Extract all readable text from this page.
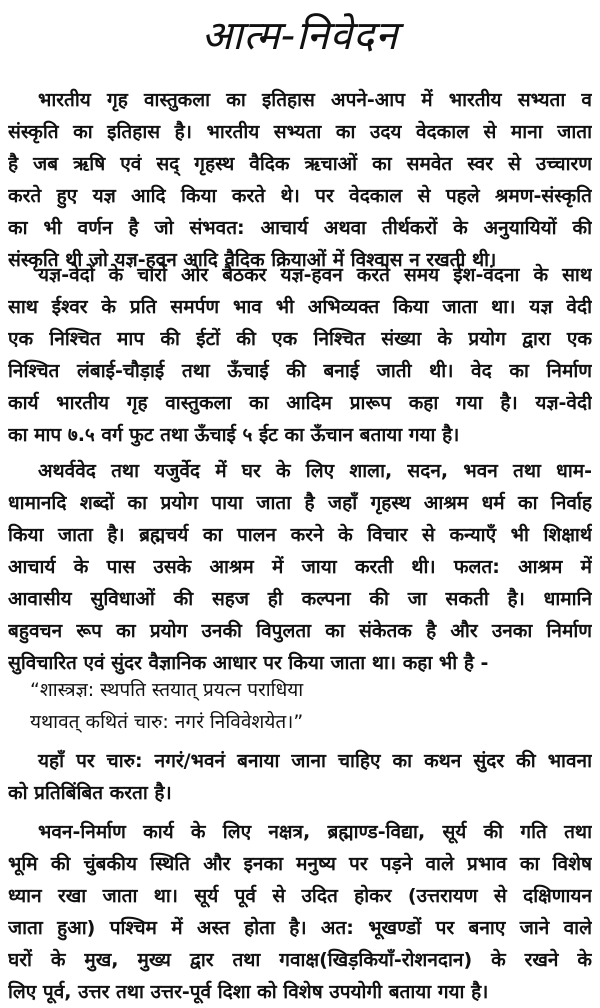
आत्म-निवेदन
भारतीय गृह वास्तुकला का इतिहास अपने-आप में भारतीय सभ्यता व
संस्कृति का इतिहास है। भारतीय सभ्यता का उदय वेदकाल से माना जाता
है जब ऋषि एवं सद् गृहस्थ वैदिक ऋचाओं का समवेत स्वर से उच्चारण
करते हुए यज्ञ आदि किया करते थे। पर वेदकाल से पहले श्रमण-संस्कृति
का भी वर्णन है जो संभवत: आचार्य अथवा तीर्थकरों के अनुयायियों की
संस्कृति थी जो यज्ञ-हवन आदि वैदिक क्रियाओं में विश्वास न रखती थी।
यज्ञ-वेदों के चारों ओर बैठकर यज्ञ-हवन करते समय ईश-वंदना के साथ
साथ ईश्वर के प्रति समर्पण भाव भी अभिव्यक्त किया जाता था। यज्ञ वेदी
एक निश्चित माप की ईटों की एक निश्चित संख्या के प्रयोग द्वारा एक
निश्चित लंबाई-चौड़ाई तथा ऊँचाई की बनाई जाती थी। वेद का निर्माण
कार्य भारतीय गृह वास्तुकला का आदिम प्रारूप कहा गया है। यज्ञ-वेदी
का माप ७.५ वर्ग फुट तथा ऊँचाई ५ ईट का ऊँचान बताया गया है।
अथर्ववेद तथा यजुर्वेद में घर के लिए शाला, सदन, भवन तथा धाम-
धामानदि शब्दों का प्रयोग पाया जाता है जहाँ गृहस्थ आश्रम धर्म का निर्वाह
किया जाता है। ब्रह्मचर्य का पालन करने के विचार से कन्याएँ भी शिक्षार्थ
आचार्य के पास उसके आश्रम में जाया करती थी। फलत: आश्रम में
आवासीय सुविधाओं की सहज ही कल्पना की जा सकती है। धामानि
बहुवचन रूप का प्रयोग उनकी विपुलता का संकेतक है और उनका निर्माण
सुविचारित एवं सुंदर वैज्ञानिक आधार पर किया जाता था। कहा भी है -
“शास्त्रज्ञ: स्थपति स्तयात् प्रयत्न पराधिया
यथावत् कथितं चारु: नगरं निविवेशयेत।”
यहाँ पर चारु: नगरं/भवनं बनाया जाना चाहिए का कथन सुंदर की भावना
को प्रतिबिंबित करता है।
भवन-निर्माण कार्य के लिए नक्षत्र, ब्रह्माण्ड-विद्या, सूर्य की गति तथा
भूमि की चुंबकीय स्थिति और इनका मनुष्य पर पड़ने वाले प्रभाव का विशेष
ध्यान रखा जाता था। सूर्य पूर्व से उदित होकर (उत्तरायण से दक्षिणायन
जाता हुआ) पश्चिम में अस्त होता है। अत: भूखण्डों पर बनाए जाने वाले
घरों के मुख, मुख्य द्वार तथा गवाक्ष(खिड़कियाँ-रोशनदान) के रखने के
लिए पूर्व, उत्तर तथा उत्तर-पूर्व दिशा को विशेष उपयोगी बताया गया है।
